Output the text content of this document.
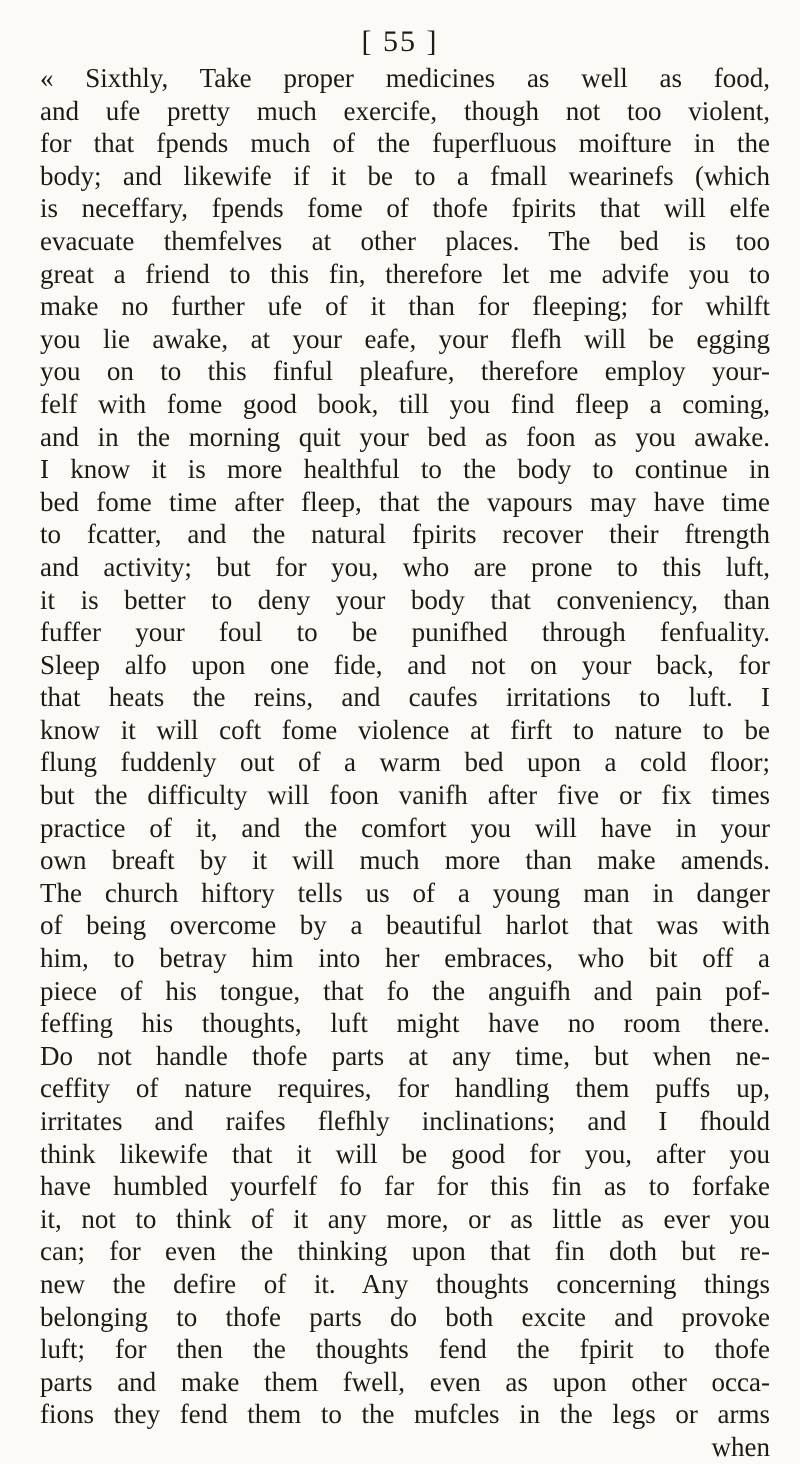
[ 55 ]
« Sixthly, Take proper medicines as well as food,
and ufe pretty much exercife, though not too violent,
for that fpends much of the fuperfluous moifture in the
body; and likewife if it be to a fmall wearinefs (which
is neceffary, fpends fome of thofe fpirits that will elfe
evacuate themfelves at other places. The bed is too
great a friend to this fin, therefore let me advife you to
make no further ufe of it than for fleeping; for whilft
you lie awake, at your eafe, your flefh will be egging
you on to this finful pleafure, therefore employ your-
felf with fome good book, till you find fleep a coming,
and in the morning quit your bed as foon as you awake.
I know it is more healthful to the body to continue in
bed fome time after fleep, that the vapours may have time
to fcatter, and the natural fpirits recover their ftrength
and activity; but for you, who are prone to this luft,
it is better to deny your body that conveniency, than
fuffer your foul to be punifhed through fenfuality.
Sleep alfo upon one fide, and not on your back, for
that heats the reins, and caufes irritations to luft. I
know it will coft fome violence at firft to nature to be
flung fuddenly out of a warm bed upon a cold floor;
but the difficulty will foon vanifh after five or fix times
practice of it, and the comfort you will have in your
own breaft by it will much more than make amends.
The church hiftory tells us of a young man in danger
of being overcome by a beautiful harlot that was with
him, to betray him into her embraces, who bit off a
piece of his tongue, that fo the anguifh and pain pof-
feffing his thoughts, luft might have no room there.
Do not handle thofe parts at any time, but when ne-
ceffity of nature requires, for handling them puffs up,
irritates and raifes flefhly inclinations; and I fhould
think likewife that it will be good for you, after you
have humbled yourfelf fo far for this fin as to forfake
it, not to think of it any more, or as little as ever you
can; for even the thinking upon that fin doth but re-
new the defire of it. Any thoughts concerning things
belonging to thofe parts do both excite and provoke
luft; for then the thoughts fend the fpirit to thofe
parts and make them fwell, even as upon other occa-
fions they fend them to the mufcles in the legs or arms
when
